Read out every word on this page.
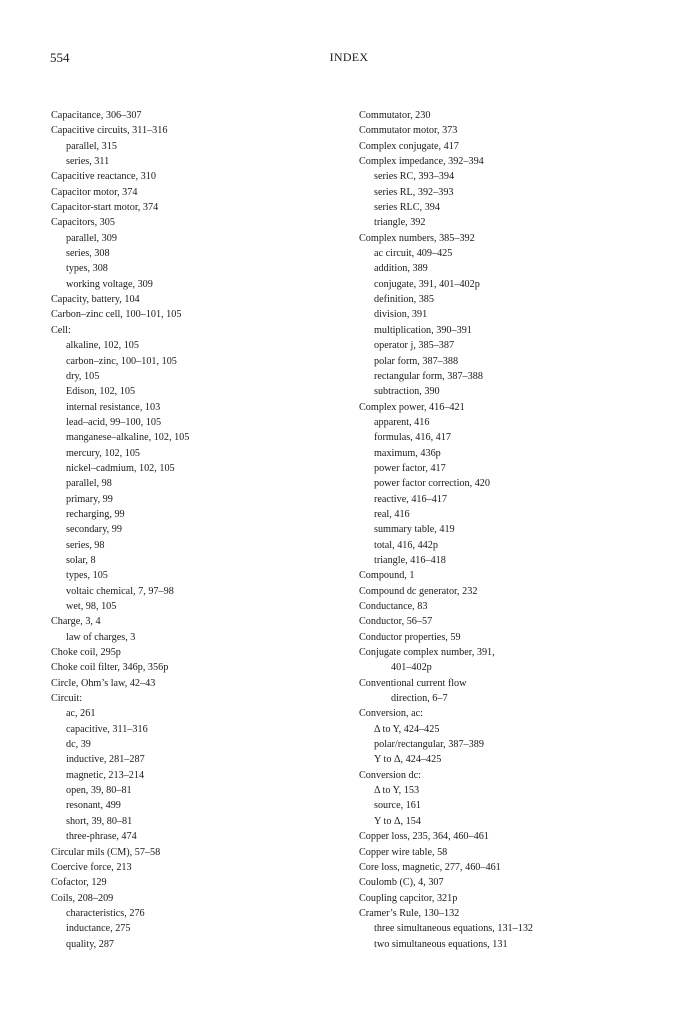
554	INDEX
Capacitance, 306–307
Capacitive circuits, 311–316
parallel, 315
series, 311
Capacitive reactance, 310
Capacitor motor, 374
Capacitor-start motor, 374
Capacitors, 305
parallel, 309
series, 308
types, 308
working voltage, 309
Capacity, battery, 104
Carbon–zinc cell, 100–101, 105
Cell:
alkaline, 102, 105
carbon–zinc, 100–101, 105
dry, 105
Edison, 102, 105
internal resistance, 103
lead–acid, 99–100, 105
manganese–alkaline, 102, 105
mercury, 102, 105
nickel–cadmium, 102, 105
parallel, 98
primary, 99
recharging, 99
secondary, 99
series, 98
solar, 8
types, 105
voltaic chemical, 7, 97–98
wet, 98, 105
Charge, 3, 4
law of charges, 3
Choke coil, 295p
Choke coil filter, 346p, 356p
Circle, Ohm’s law, 42–43
Circuit:
ac, 261
capacitive, 311–316
dc, 39
inductive, 281–287
magnetic, 213–214
open, 39, 80–81
resonant, 499
short, 39, 80–81
three-phrase, 474
Circular mils (CM), 57–58
Coercive force, 213
Cofactor, 129
Coils, 208–209
characteristics, 276
inductance, 275
quality, 287
Commutator, 230
Commutator motor, 373
Complex conjugate, 417
Complex impedance, 392–394
series RC, 393–394
series RL, 392–393
series RLC, 394
triangle, 392
Complex numbers, 385–392
ac circuit, 409–425
addition, 389
conjugate, 391, 401–402p
definition, 385
division, 391
multiplication, 390–391
operator j, 385–387
polar form, 387–388
rectangular form, 387–388
subtraction, 390
Complex power, 416–421
apparent, 416
formulas, 416, 417
maximum, 436p
power factor, 417
power factor correction, 420
reactive, 416–417
real, 416
summary table, 419
total, 416, 442p
triangle, 416–418
Compound, 1
Compound dc generator, 232
Conductance, 83
Conductor, 56–57
Conductor properties, 59
Conjugate complex number, 391,
401–402p
Conventional current flow
direction, 6–7
Conversion, ac:
Δ to Y, 424–425
polar/rectangular, 387–389
Y to Δ, 424–425
Conversion dc:
Δ to Y, 153
source, 161
Y to Δ, 154
Copper loss, 235, 364, 460–461
Copper wire table, 58
Core loss, magnetic, 277, 460–461
Coulomb (C), 4, 307
Coupling capcitor, 321p
Cramer’s Rule, 130–132
three simultaneous equations, 131–132
two simultaneous equations, 131
